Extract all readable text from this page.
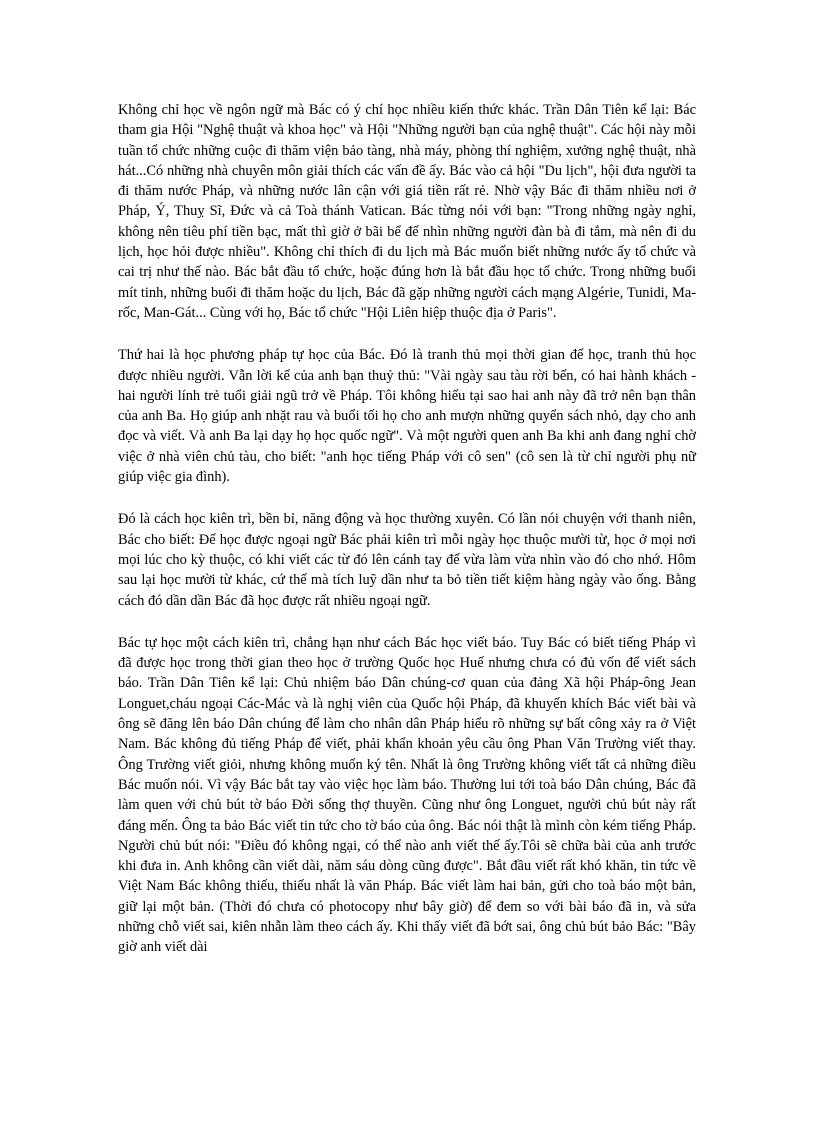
Không chỉ học về ngôn ngữ mà Bác có ý chí học nhiều kiến thức khác. Trần Dân Tiên kể lại: Bác tham gia Hội "Nghệ thuật và khoa học" và Hội "Những người bạn của nghệ thuật". Các hội này mỗi tuần tổ chức những cuộc đi thăm viện bảo tàng, nhà máy, phòng thí nghiệm, xưởng nghệ thuật, nhà hát...Có những nhà chuyên môn giải thích các vấn đề ấy. Bác vào cả hội "Du lịch", hội đưa người ta đi thăm nước Pháp, và những nước lân cận với giá tiền rất rẻ. Nhờ vậy Bác đi thăm nhiều nơi ở Pháp, Ý, Thuỵ Sĩ, Đức và cả Toà thánh Vatican. Bác từng nói với bạn: "Trong những ngày nghỉ, không nên tiêu phí tiền bạc, mất thì giờ ở bãi bể để nhìn những người đàn bà đi tắm, mà nên đi du lịch, học hỏi được nhiều". Không chỉ thích đi du lịch mà Bác muốn biết những nước ấy tổ chức và cai trị như thế nào. Bác bắt đầu tổ chức, hoặc đúng hơn là bắt đầu học tổ chức. Trong những buổi mít tinh, những buổi đi thăm hoặc du lịch, Bác đã gặp những người cách mạng Algérie, Tunidi, Ma-rốc, Man-Gát... Cùng với họ, Bác tổ chức "Hội Liên hiệp thuộc địa ở Paris".

Thứ hai là học phương pháp tự học của Bác. Đó là tranh thủ mọi thời gian để học, tranh thủ học được nhiều người. Vẫn lời kể của anh bạn thuỷ thủ: "Vài ngày sau tàu rời bến, có hai hành khách - hai người lính trẻ tuổi giải ngũ trở về Pháp. Tôi không hiểu tại sao hai anh này đã trở nên bạn thân của anh Ba. Họ giúp anh nhặt rau và buổi tối họ cho anh mượn những quyển sách nhỏ, dạy cho anh đọc và viết. Và anh Ba lại dạy họ học quốc ngữ". Và một người quen anh Ba khi anh đang nghỉ chờ việc ở nhà viên chủ tàu, cho biết: "anh học tiếng Pháp với cô sen" (cô sen là từ chỉ người phụ nữ giúp việc gia đình).

Đó là cách học kiên trì, bền bỉ, năng động và học thường xuyên. Có lần nói chuyện với thanh niên, Bác cho biết: Để học được ngoại ngữ Bác phải kiên trì mỗi ngày học thuộc mười từ, học ở mọi nơi mọi lúc cho kỳ thuộc, có khi viết các từ đó lên cánh tay để vừa làm vừa nhìn vào đó cho nhớ. Hôm sau lại học mười từ khác, cứ thế mà tích luỹ dần như ta bỏ tiền tiết kiệm hàng ngày vào ống. Bằng cách đó dần dần Bác đã học được rất nhiều ngoại ngữ.

Bác tự học một cách kiên trì, chẳng hạn như cách Bác học viết báo. Tuy Bác có biết tiếng Pháp vì đã được học trong thời gian theo học ở trường Quốc học Huế nhưng chưa có đủ vốn để viết sách báo. Trần Dân Tiên kể lại: Chủ nhiệm báo Dân chúng-cơ quan của đảng Xã hội Pháp-ông Jean Longuet,cháu ngoại Các-Mác và là nghị viên của Quốc hội Pháp, đã khuyến khích Bác viết bài và ông sẽ đăng lên báo Dân chúng để làm cho nhân dân Pháp hiểu rõ những sự bất công xảy ra ở Việt Nam. Bác không đủ tiếng Pháp để viết, phải khẩn khoản yêu cầu ông Phan Văn Trường viết thay. Ông Trường viết giỏi, nhưng không muốn ký tên. Nhất là ông Trường không viết tất cả những điều Bác muốn nói. Vì vậy Bác bắt tay vào việc học làm báo. Thường lui tới toà báo Dân chúng, Bác đã làm quen với chủ bút tờ báo Đời sống thợ thuyền. Cũng như ông Longuet, người chủ bút này rất đáng mến. Ông ta bảo Bác viết tin tức cho tờ báo của ông. Bác nói thật là mình còn kém tiếng Pháp. Người chủ bút nói: "Điều đó không ngại, có thể nào anh viết thế ấy.Tôi sẽ chữa bài của anh trước khi đưa in. Anh không cần viết dài, năm sáu dòng cũng được". Bắt đầu viết rất khó khăn, tin tức về Việt Nam Bác không thiếu, thiếu nhất là văn Pháp. Bác viết làm hai bản, gửi cho toà báo một bản, giữ lại một bản. (Thời đó chưa có photocopy như bây giờ) để đem so với bài báo đã in, và sửa những chỗ viết sai, kiên nhẫn làm theo cách ấy. Khi thấy viết đã bớt sai, ông chủ bút bảo Bác: "Bây giờ anh viết dài
